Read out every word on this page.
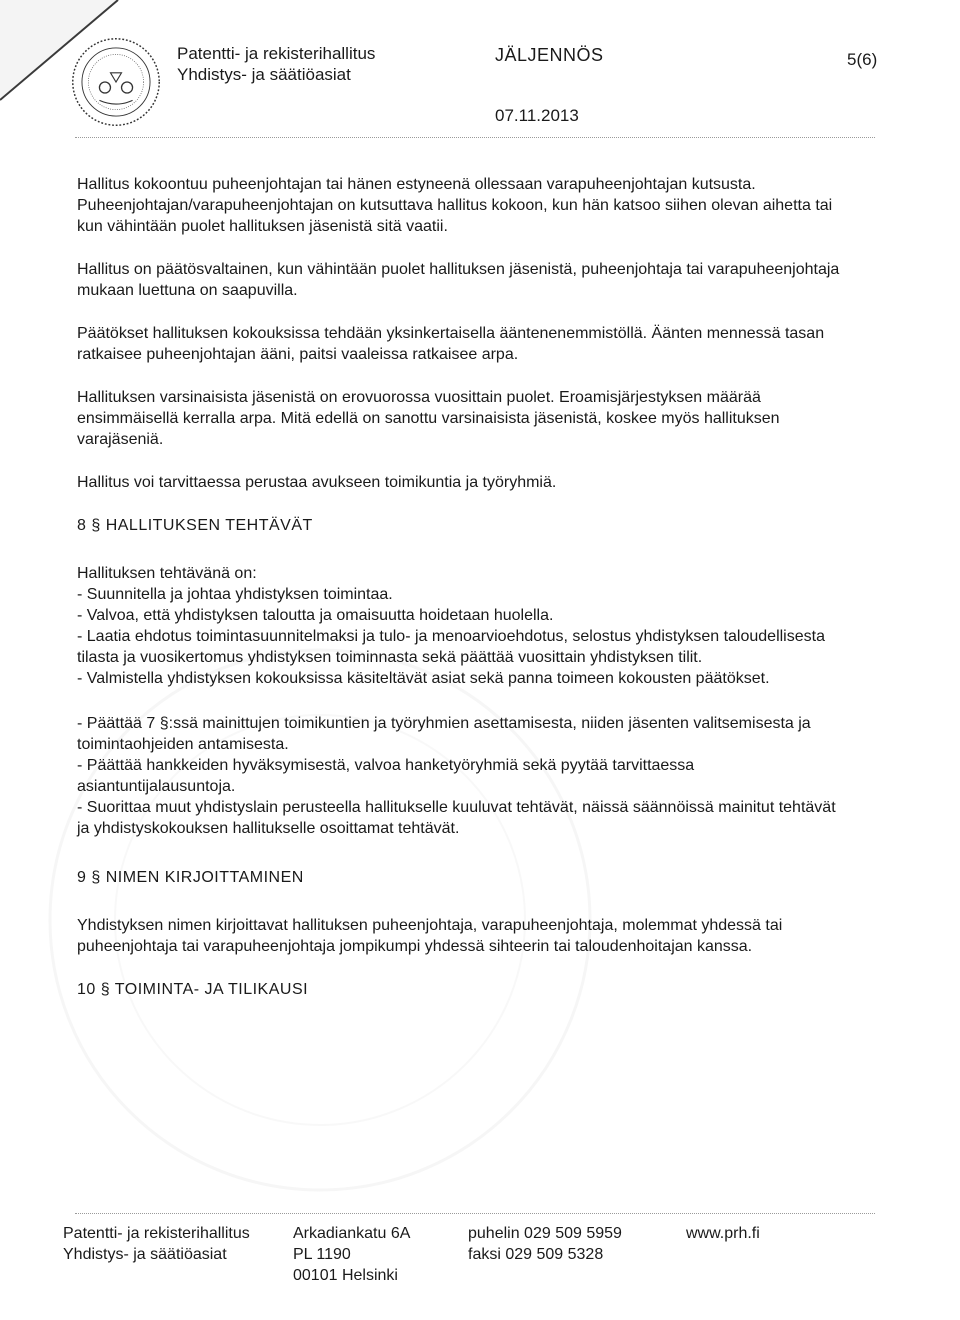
Patentti- ja rekisterihallitus
Yhdistys- ja säätiöasiat
JÄLJENNÖS	5(6)
07.11.2013

Hallitus kokoontuu puheenjohtajan tai hänen estyneenä ollessaan varapuheenjohtajan kutsusta. Puheenjohtajan/varapuheenjohtajan on kutsuttava hallitus kokoon, kun hän katsoo siihen olevan aihetta tai kun vähintään puolet hallituksen jäsenistä sitä vaatii.

Hallitus on päätösvaltainen, kun vähintään puolet hallituksen jäsenistä, puheenjohtaja tai varapuheenjohtaja mukaan luettuna on saapuvilla.

Päätökset hallituksen kokouksissa tehdään yksinkertaisella ääntenenemmistöllä. Äänten mennessä tasan ratkaisee puheenjohtajan ääni, paitsi vaaleissa ratkaisee arpa.

Hallituksen varsinaisista jäsenistä on erovuorossa vuosittain puolet. Eroamisjärjestyksen määrää ensimmäisellä kerralla arpa. Mitä edellä on sanottu varsinaisista jäsenistä, koskee myös hallituksen varajäseniä.

Hallitus voi tarvittaessa perustaa avukseen toimikuntia ja työryhmiä.

8 § HALLITUKSEN TEHTÄVÄT

Hallituksen tehtävänä on:

- Suunnitella ja johtaa yhdistyksen toimintaa.

- Valvoa, että yhdistyksen taloutta ja omaisuutta hoidetaan huolella.

- Laatia ehdotus toimintasuunnitelmaksi ja tulo- ja menoarvioehdotus, selostus yhdistyksen taloudellisesta tilasta ja vuosikertomus yhdistyksen toiminnasta sekä päättää vuosittain yhdistyksen tilit.

- Valmistella yhdistyksen kokouksissa käsiteltävät asiat sekä panna toimeen kokousten päätökset.

- Päättää 7 §:ssä mainittujen toimikuntien ja työryhmien asettamisesta, niiden jäsenten valitsemisesta ja toimintaohjeiden antamisesta.

- Päättää hankkeiden hyväksymisestä, valvoa hanketyöryhmiä sekä pyytää tarvittaessa asiantuntijalausuntoja.

- Suorittaa muut yhdistyslain perusteella hallitukselle kuuluvat tehtävät, näissä säännöissä mainitut tehtävät ja yhdistyskokouksen hallitukselle osoittamat tehtävät.

9 § NIMEN KIRJOITTAMINEN

Yhdistyksen nimen kirjoittavat hallituksen puheenjohtaja, varapuheenjohtaja, molemmat yhdessä tai puheenjohtaja tai varapuheenjohtaja jompikumpi yhdessä sihteerin tai taloudenhoitajan kanssa.

10 § TOIMINTA- JA TILIKAUSI

Patentti- ja rekisterihallitus
Yhdistys- ja säätiöasiat
Arkadiankatu 6A
PL 1190
00101 Helsinki
puhelin 029 509 5959
faksi 029 509 5328
www.prh.fi
